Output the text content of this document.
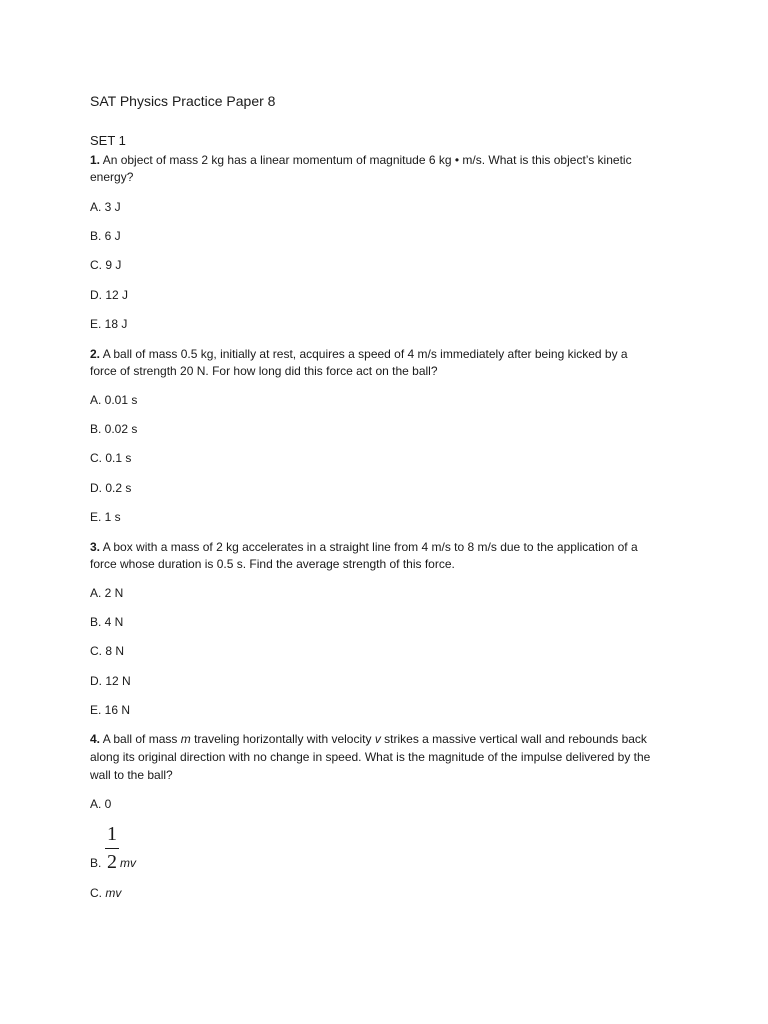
SAT Physics Practice Paper 8
SET 1
1. An object of mass 2 kg has a linear momentum of magnitude 6 kg • m/s. What is this object’s kinetic
energy?
A. 3 J
B. 6 J
C. 9 J
D. 12 J
E. 18 J
2. A ball of mass 0.5 kg, initially at rest, acquires a speed of 4 m/s immediately after being kicked by a
force of strength 20 N. For how long did this force act on the ball?
A. 0.01 s
B. 0.02 s
C. 0.1 s
D. 0.2 s
E. 1 s
3. A box with a mass of 2 kg accelerates in a straight line from 4 m/s to 8 m/s due to the application of a
force whose duration is 0.5 s. Find the average strength of this force.
A. 2 N
B. 4 N
C. 8 N
D. 12 N
E. 16 N
4. A ball of mass m traveling horizontally with velocity v strikes a massive vertical wall and rebounds back
along its original direction with no change in speed. What is the magnitude of the impulse delivered by the
wall to the ball?
A. 0
B.
1
2 mv
C. mv
